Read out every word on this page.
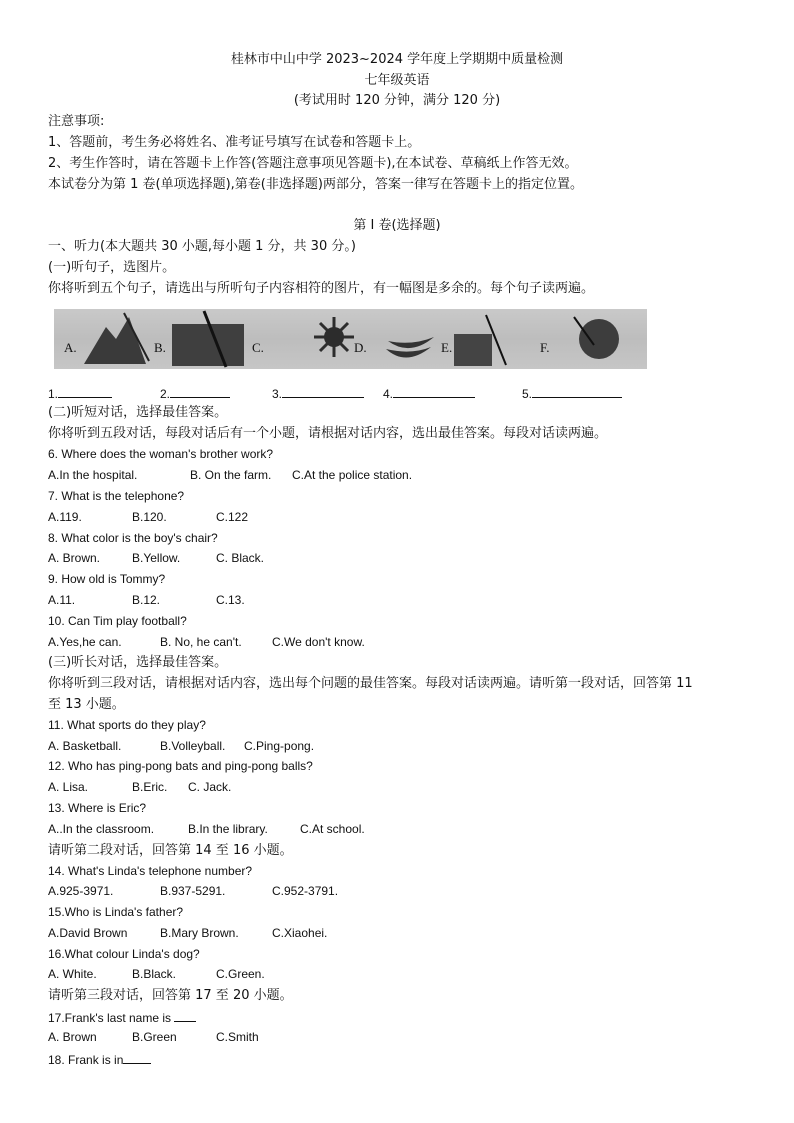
桂林市中山中学 2023~2024 学年度上学期期中质量检测
七年级英语
(考试用时 120 分钟，满分 120 分)
注意事项:
1、答题前，考生务必将姓名、准考证号填写在试卷和答题卡上。
2、考生作答时，请在答题卡上作答(答题注意事项见答题卡),在本试卷、草稿纸上作答无效。
本试卷分为第 1 卷(单项选择题),第卷(非选择题)两部分，答案一律写在答题卡上的指定位置。
第 I 卷(选择题)
一、听力(本大题共 30 小题,每小题 1 分，共 30 分。)
(一)听句子，选图片。
你将听到五个句子，请选出与所听句子内容相符的图片，有一幅图是多余的。每个句子读两遍。
A.	B.	C.	D.	E.	F.
1.	2.	3.	4.	5.
(二)听短对话，选择最佳答案。
你将听到五段对话，每段对话后有一个小题，请根据对话内容，选出最佳答案。每段对话读两遍。
6. Where does the woman's brother work?
A.In the hospital.	B. On the farm. C.At the police station.
7. What is the telephone?
A.119.	B.120.	C.122
8. What color is the boy's chair?
A. Brown.	B.Yellow.	C. Black.
9. How old is Tommy?
A.11.	B.12.	C.13.
10. Can Tim play football?
A.Yes,he can.	B. No, he can't.	C.We don't know.
(三)听长对话，选择最佳答案。
你将听到三段对话，请根据对话内容，选出每个问题的最佳答案。每段对话读两遍。请听第一段对话，回答第 11
至 13 小题。
11. What sports do they play?
A. Basketball.	B.Volleyball. C.Ping-pong.
12. Who has ping-pong bats and ping-pong balls?
A. Lisa.	B.Eric. C. Jack.
13. Where is Eric?
A..In the classroom.	B.In the library.	C.At school.
请听第二段对话，回答第 14 至 16 小题。
14. What's Linda's telephone number?
A.925-3971.	B.937-5291.	C.952-3791.
15.Who is Linda's father?
A.David Brown	B.Mary Brown.	C.Xiaohei.
16.What colour Linda's dog?
A. White.	B.Black.	C.Green.
请听第三段对话，回答第 17 至 20 小题。
17.Frank's last name is
A. Brown	B.Green	C.Smith
18. Frank is in
